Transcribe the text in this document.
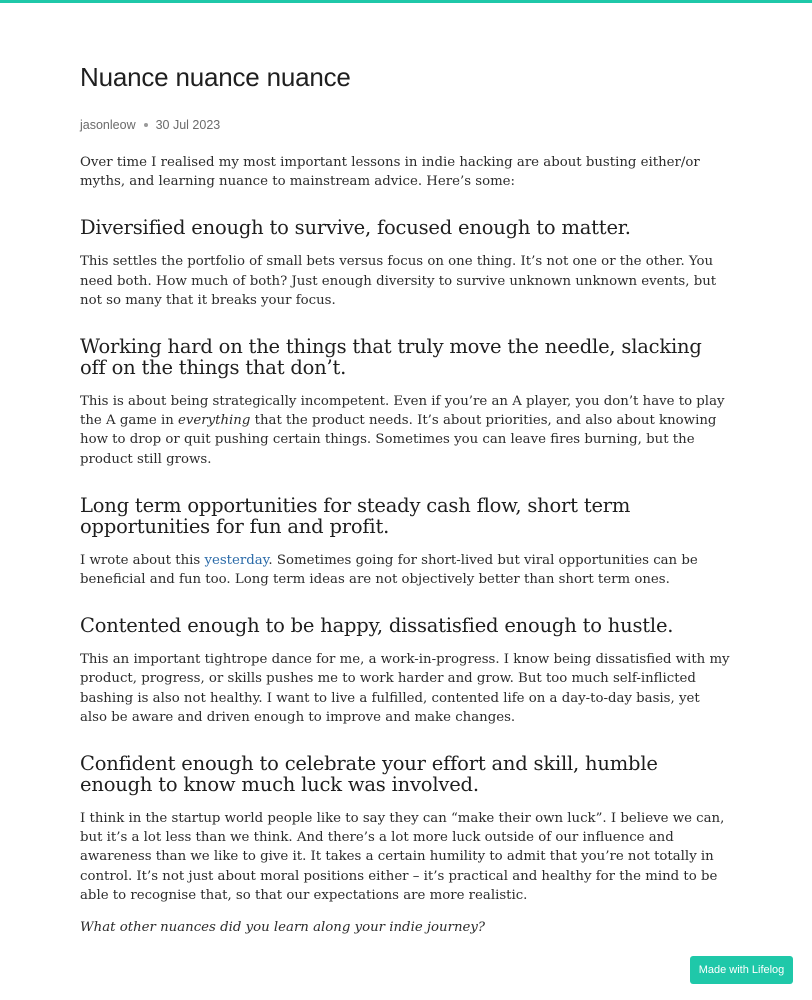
Nuance nuance nuance
jasonleow 30 Jul 2023

Over time I realised my most important lessons in indie hacking are about busting either/or myths, and learning nuance to mainstream advice. Here’s some:

Diversified enough to survive, focused enough to matter.

This settles the portfolio of small bets versus focus on one thing. It’s not one or the other. You need both. How much of both? Just enough diversity to survive unknown unknown events, but not so many that it breaks your focus.

Working hard on the things that truly move the needle, slacking off on the things that don’t.

This is about being strategically incompetent. Even if you’re an A player, you don’t have to play the A game in everything that the product needs. It’s about priorities, and also about knowing how to drop or quit pushing certain things. Sometimes you can leave fires burning, but the product still grows.

Long term opportunities for steady cash flow, short term opportunities for fun and profit.

I wrote about this yesterday. Sometimes going for short-lived but viral opportunities can be beneficial and fun too. Long term ideas are not objectively better than short term ones.

Contented enough to be happy, dissatisfied enough to hustle.

This an important tightrope dance for me, a work-in-progress. I know being dissatisfied with my product, progress, or skills pushes me to work harder and grow. But too much self-inflicted bashing is also not healthy. I want to live a fulfilled, contented life on a day-to-day basis, yet also be aware and driven enough to improve and make changes.

Confident enough to celebrate your effort and skill, humble enough to know much luck was involved.

I think in the startup world people like to say they can “make their own luck”. I believe we can, but it’s a lot less than we think. And there’s a lot more luck outside of our influence and awareness than we like to give it. It takes a certain humility to admit that you’re not totally in control. It’s not just about moral positions either – it’s practical and healthy for the mind to be able to recognise that, so that our expectations are more realistic.

What other nuances did you learn along your indie journey?

Made with Lifelog
